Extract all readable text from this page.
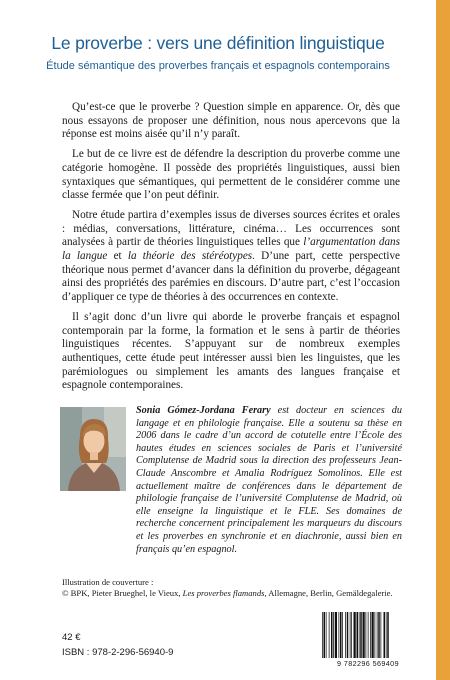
Le proverbe : vers une définition linguistique
Étude sémantique des proverbes français et espagnols contemporains

Qu’est-ce que le proverbe ? Question simple en apparence. Or, dès que nous essayons de proposer une définition, nous nous apercevons que la réponse est moins aisée qu’il n’y paraît.

Le but de ce livre est de défendre la description du proverbe comme une catégorie homogène. Il possède des propriétés linguistiques, aussi bien syntaxiques que sémantiques, qui permettent de le considérer comme une classe fermée que l’on peut définir.

Notre étude partira d’exemples issus de diverses sources écrites et orales : médias, conversations, littérature, cinéma… Les occurrences sont analysées à partir de théories linguistiques telles que l’argumentation dans la langue et la théorie des stéréotypes. D’une part, cette perspective théorique nous permet d’avancer dans la définition du proverbe, dégageant ainsi des propriétés des parémies en discours. D’autre part, c’est l’occasion d’appliquer ce type de théories à des occurrences en contexte.

Il s’agit donc d’un livre qui aborde le proverbe français et espagnol contemporain par la forme, la formation et le sens à partir de théories linguistiques récentes. S’appuyant sur de nombreux exemples authentiques, cette étude peut intéresser aussi bien les linguistes, que les parémiologues ou simplement les amants des langues française et espagnole contemporaines.

Sonia Gómez-Jordana Ferary est docteur en sciences du langage et en philologie française. Elle a soutenu sa thèse en 2006 dans le cadre d’un accord de cotutelle entre l’École des hautes études en sciences sociales de Paris et l’université Complutense de Madrid sous la direction des professeurs Jean-Claude Anscombre et Amalia Rodríguez Somolinos. Elle est actuellement maître de conférences dans le département de philologie française de l’université Complutense de Madrid, où elle enseigne la linguistique et le FLE. Ses domaines de recherche concernent principalement les marqueurs du discours et les proverbes en synchronie et en diachronie, aussi bien en français qu’en espagnol.
Illustration de couverture :
© BPK, Pieter Brueghel, le Vieux, Les proverbes flamands, Allemagne, Berlin, Gemäldegalerie.
42 €
ISBN : 978-2-296-56940-9
9 782296 569409
